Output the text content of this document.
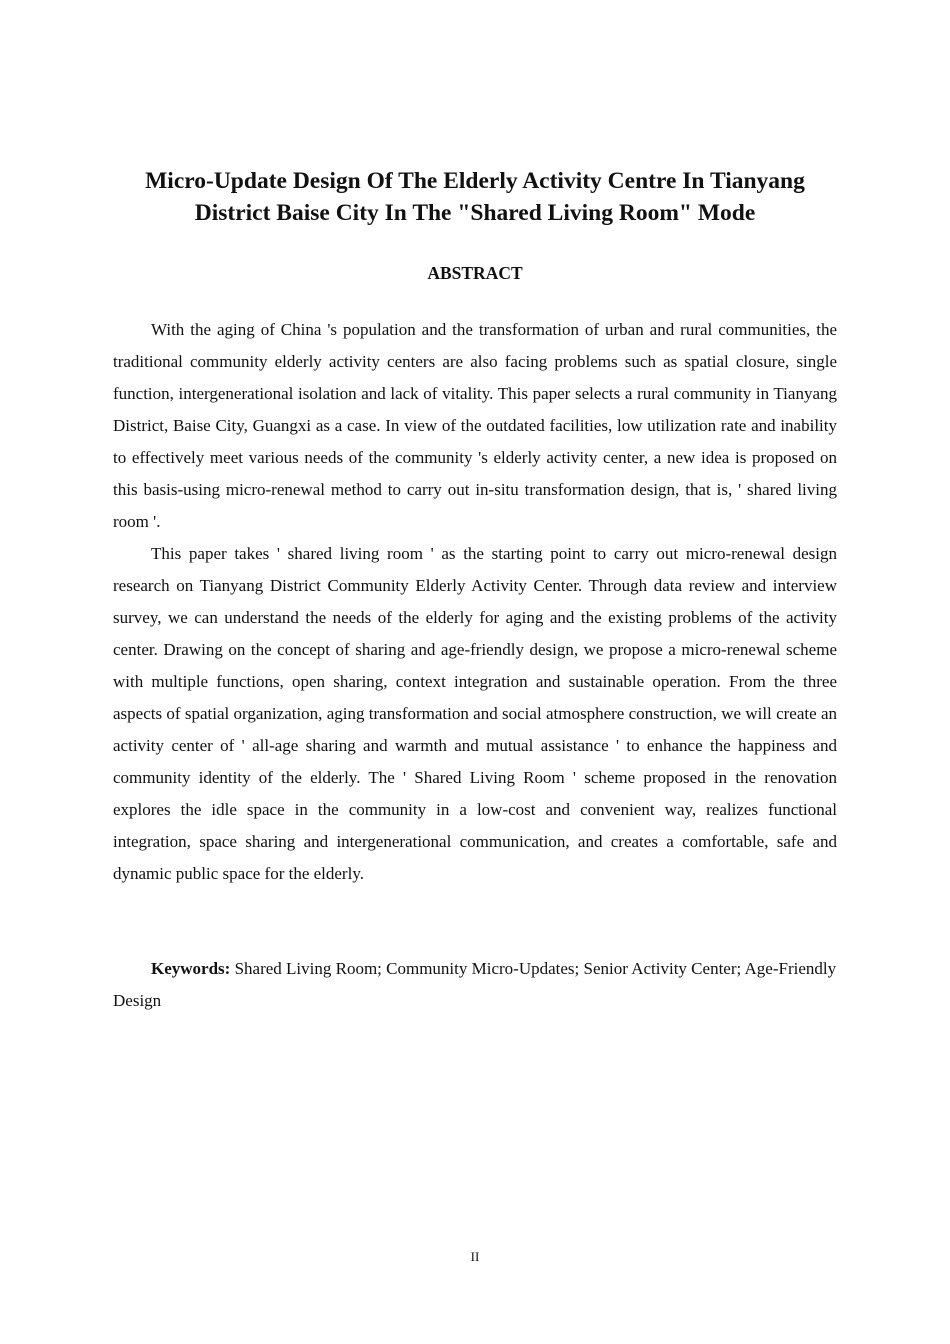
Micro-Update Design Of The Elderly Activity Centre In Tianyang
District Baise City In The "Shared Living Room" Mode
ABSTRACT

With the aging of China 's population and the transformation of urban and rural communities, the traditional community elderly activity centers are also facing problems such as spatial closure, single function, intergenerational isolation and lack of vitality. This paper selects a rural community in Tianyang District, Baise City, Guangxi as a case. In view of the outdated facilities, low utilization rate and inability to effectively meet various needs of the community 's elderly activity center, a new idea is proposed on this basis-using micro-renewal method to carry out in-situ transformation design, that is, ' shared living room '.

This paper takes ' shared living room ' as the starting point to carry out micro-renewal design research on Tianyang District Community Elderly Activity Center. Through data review and interview survey, we can understand the needs of the elderly for aging and the existing problems of the activity center. Drawing on the concept of sharing and age-friendly design, we propose a micro-renewal scheme with multiple functions, open sharing, context integration and sustainable operation. From the three aspects of spatial organization, aging transformation and social atmosphere construction, we will create an activity center of ' all-age sharing and warmth and mutual assistance ' to enhance the happiness and community identity of the elderly. The ' Shared Living Room ' scheme proposed in the renovation explores the idle space in the community in a low-cost and convenient way, realizes functional integration, space sharing and intergenerational communication, and creates a comfortable, safe and dynamic public space for the elderly.

Keywords: Shared Living Room; Community Micro-Updates; Senior Activity Center; Age-Friendly Design

II
